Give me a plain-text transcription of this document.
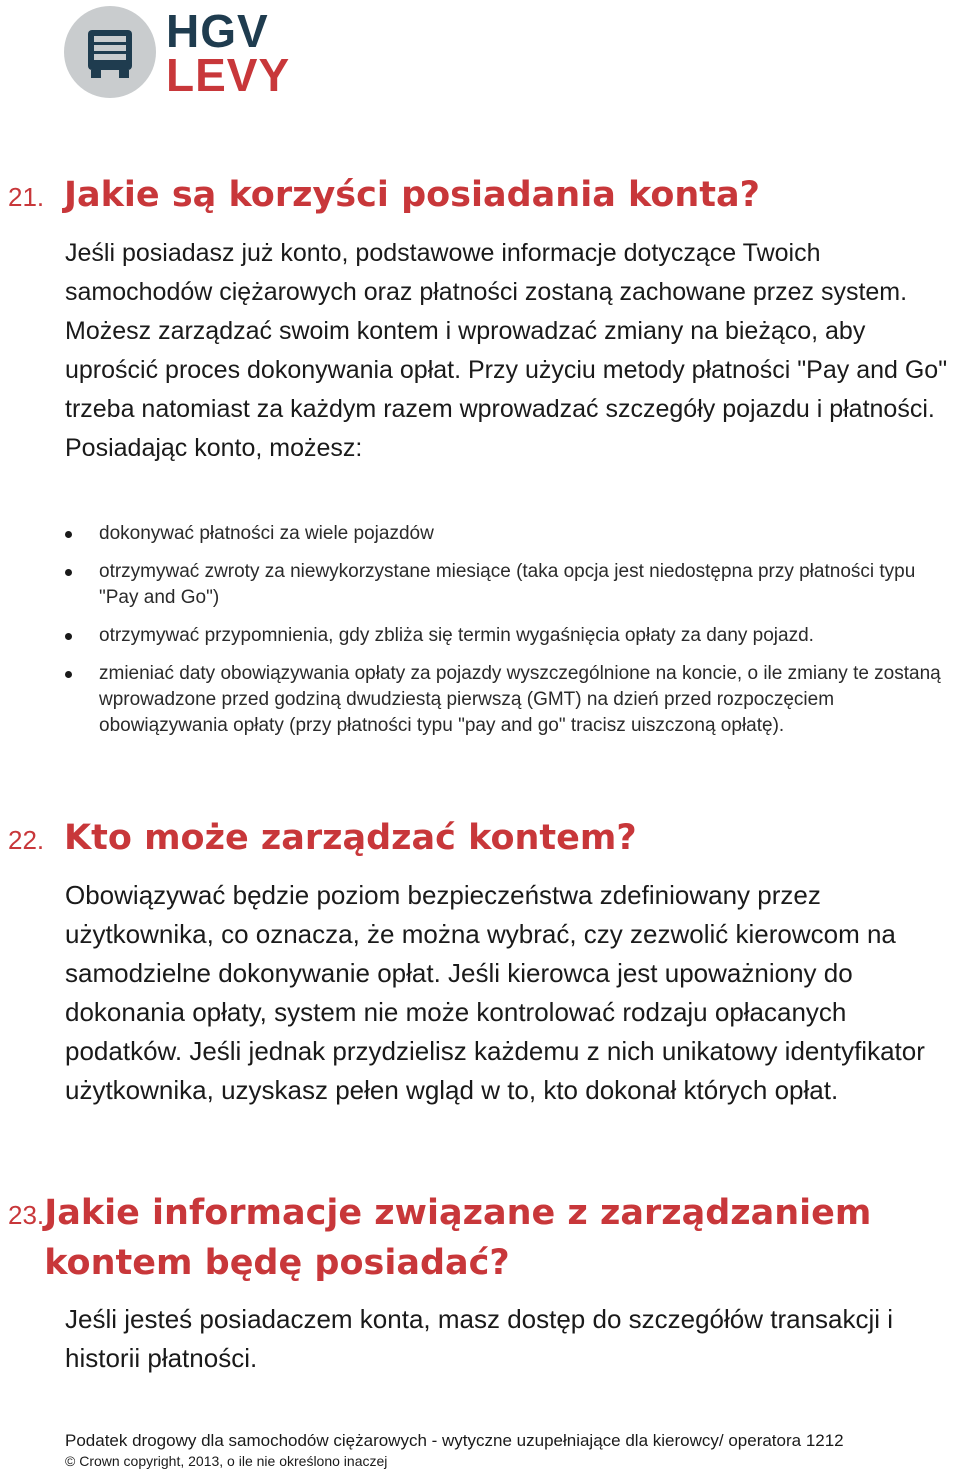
HGV
LEVY
21. Jakie są korzyści posiadania konta?

Jeśli posiadasz już konto, podstawowe informacje dotyczące Twoich samochodów ciężarowych oraz płatności zostaną zachowane przez system. Możesz zarządzać swoim kontem i wprowadzać zmiany na bieżąco, aby uprościć proces dokonywania opłat. Przy użyciu metody płatności "Pay and Go" trzeba natomiast za każdym razem wprowadzać szczegóły pojazdu i płatności. Posiadając konto, możesz:

dokonywać płatności za wiele pojazdów
otrzymywać zwroty za niewykorzystane miesiące (taka opcja jest niedostępna przy płatności typu "Pay and Go")
otrzymywać przypomnienia, gdy zbliża się termin wygaśnięcia opłaty za dany pojazd.
zmieniać daty obowiązywania opłaty za pojazdy wyszczególnione na koncie, o ile zmiany te zostaną wprowadzone przed godziną dwudziestą pierwszą (GMT) na dzień przed rozpoczęciem obowiązywania opłaty (przy płatności typu "pay and go" tracisz uiszczoną opłatę).
22. Kto może zarządzać kontem?

Obowiązywać będzie poziom bezpieczeństwa zdefiniowany przez użytkownika, co oznacza, że można wybrać, czy zezwolić kierowcom na samodzielne dokonywanie opłat. Jeśli kierowca jest upoważniony do dokonania opłaty, system nie może kontrolować rodzaju opłacanych podatków. Jeśli jednak przydzielisz każdemu z nich unikatowy identyfikator użytkownika, uzyskasz pełen wgląd w to, kto dokonał których opłat.

23. Jakie informacje związane z zarządzaniem kontem będę posiadać?

Jeśli jesteś posiadaczem konta, masz dostęp do szczegółów transakcji i historii płatności.

Podatek drogowy dla samochodów ciężarowych - wytyczne uzupełniające dla kierowcy/ operatora 1212
© Crown copyright, 2013, o ile nie określono inaczej
